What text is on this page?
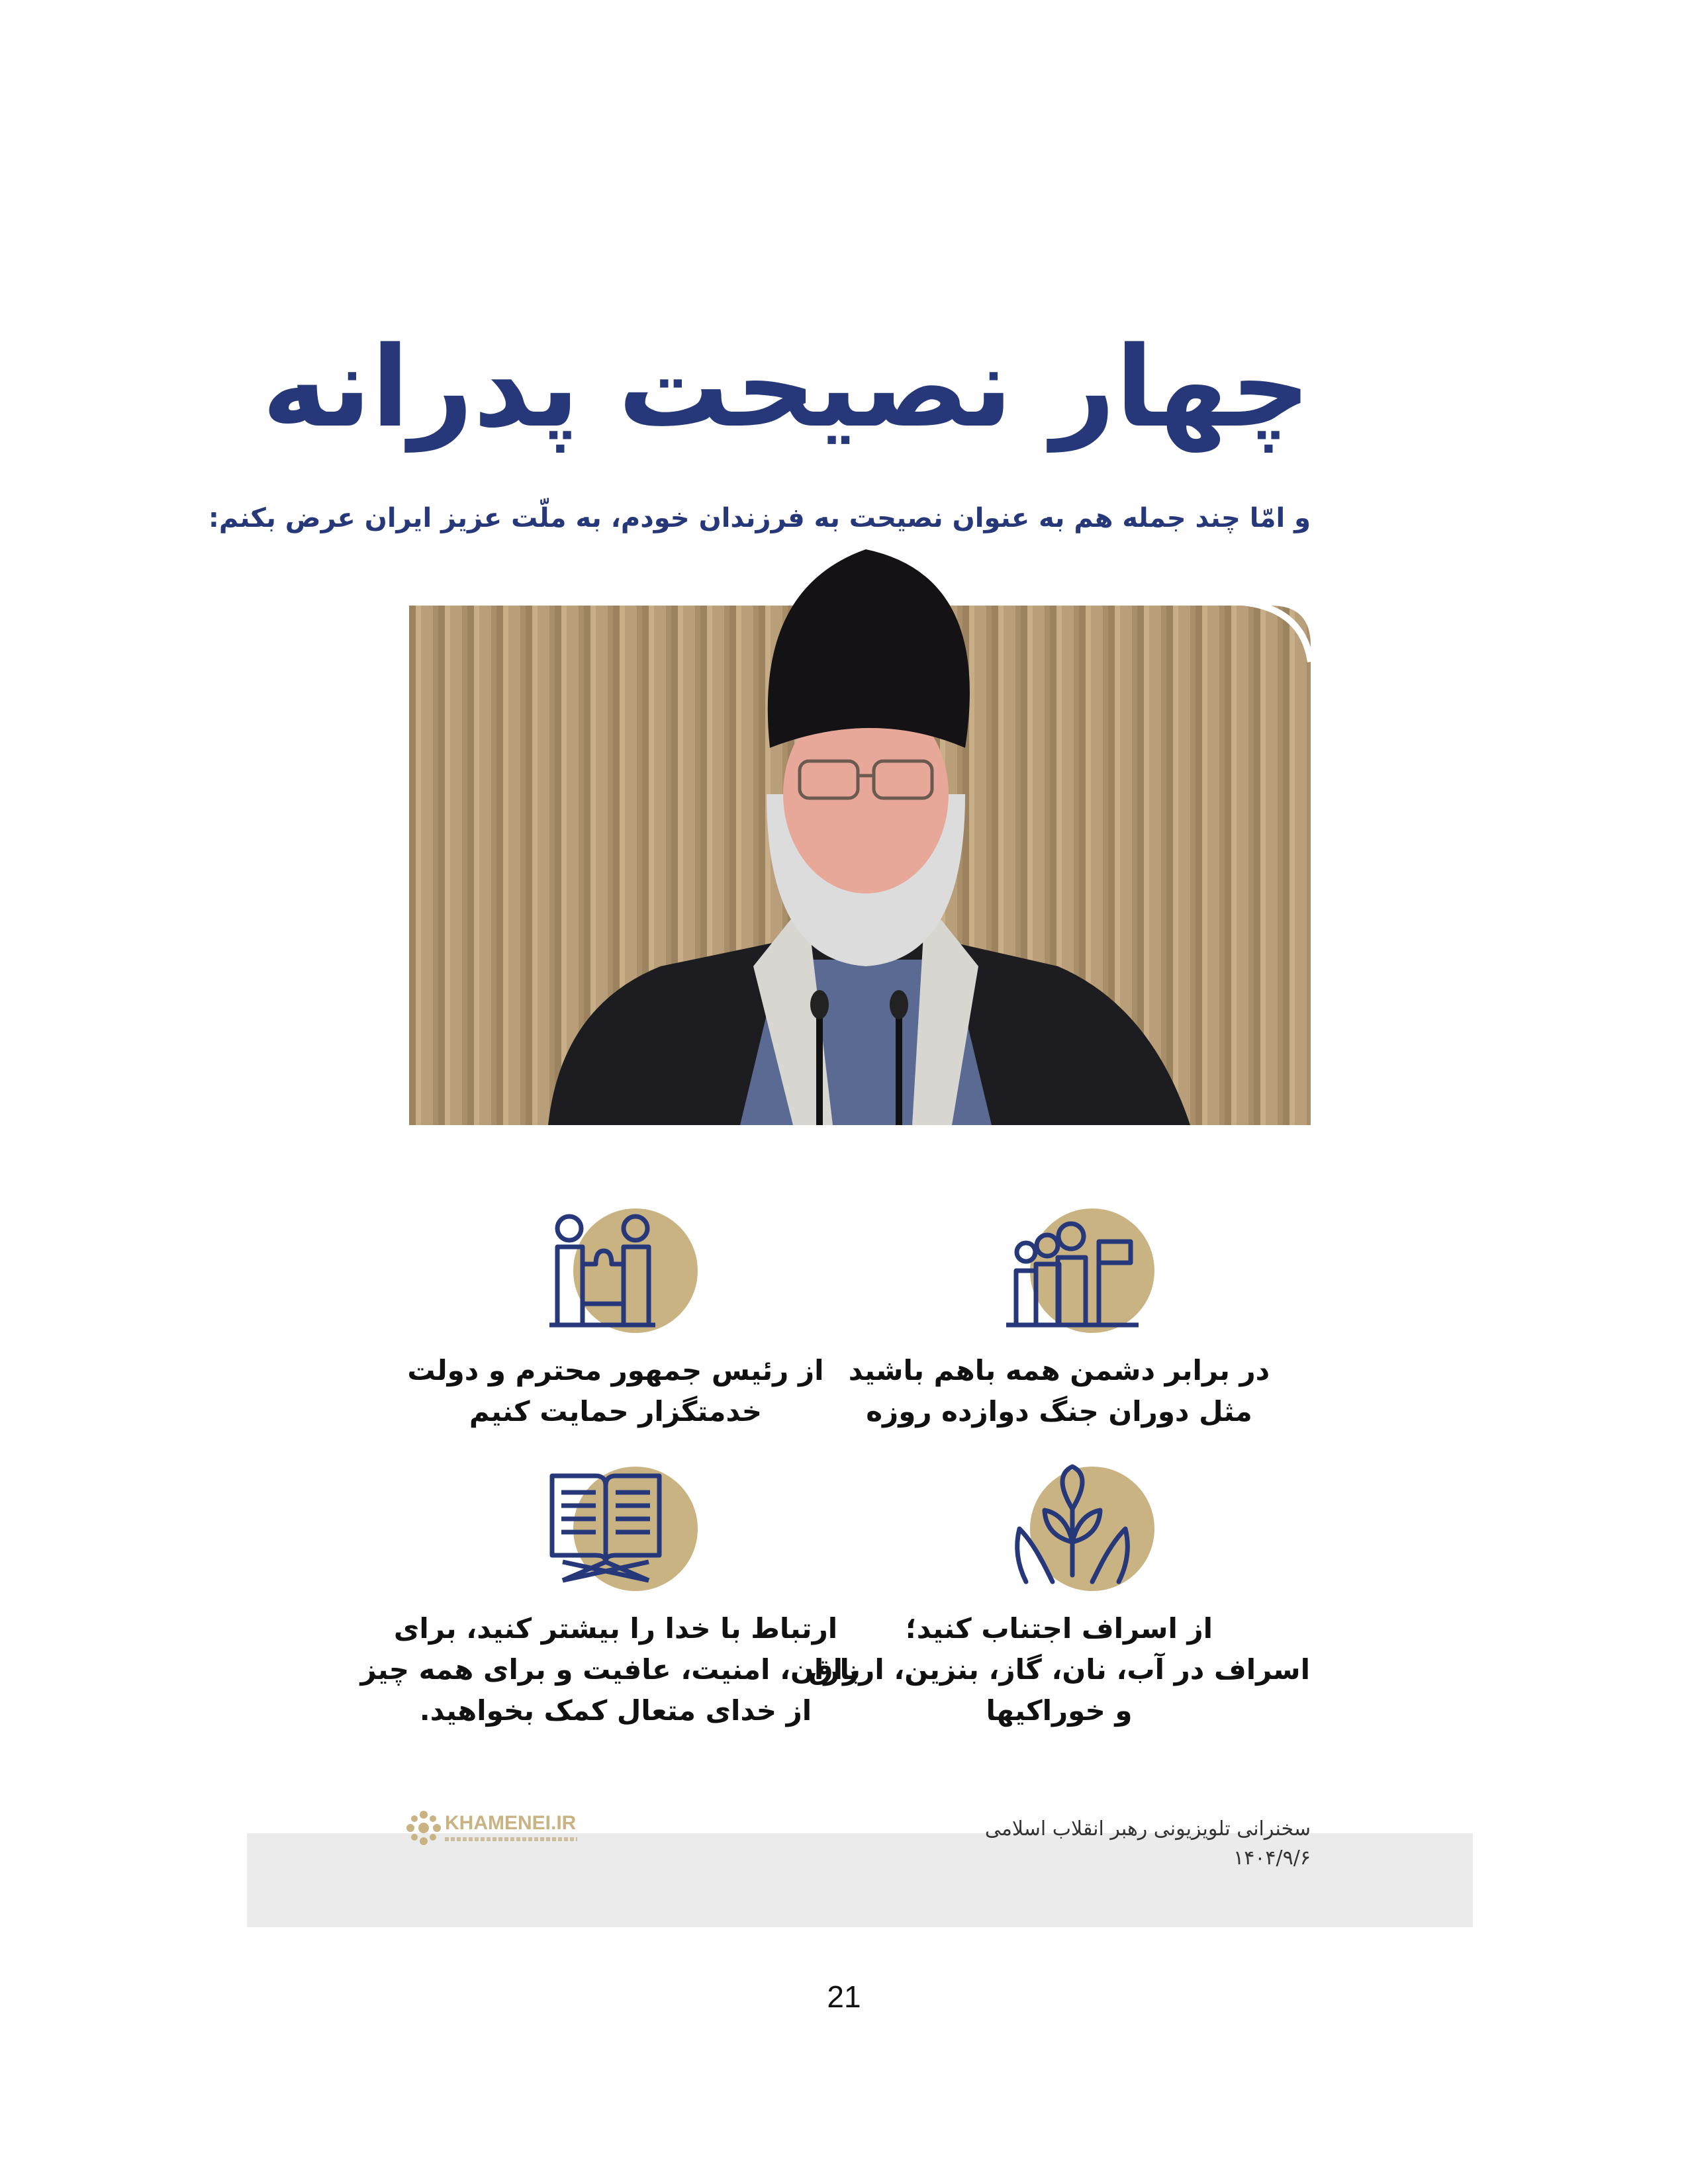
چهار نصیحت پدرانه
و امّا چند جمله هم به عنوان نصیحت به فرزندان خودم، به ملّت عزیز ایران عرض بکنم:
در برابر دشمن همه باهم باشید
مثل دوران جنگ دوازده روزه
از رئیس جمهور محترم و دولت
خدمتگزار حمایت کنیم
از اسراف اجتناب کنید؛
اسراف در آب، نان، گاز، بنزین، ارزاق
و خوراکیها
ارتباط با خدا را بیشتر کنید، برای
باران، امنیت، عافیت و برای همه چیز
از خدای متعال کمک بخواهید.
KHAMENEI.IR	سخنرانی تلویزیونی رهبر انقلاب اسلامی
۱۴۰۴/۹/۶
21
